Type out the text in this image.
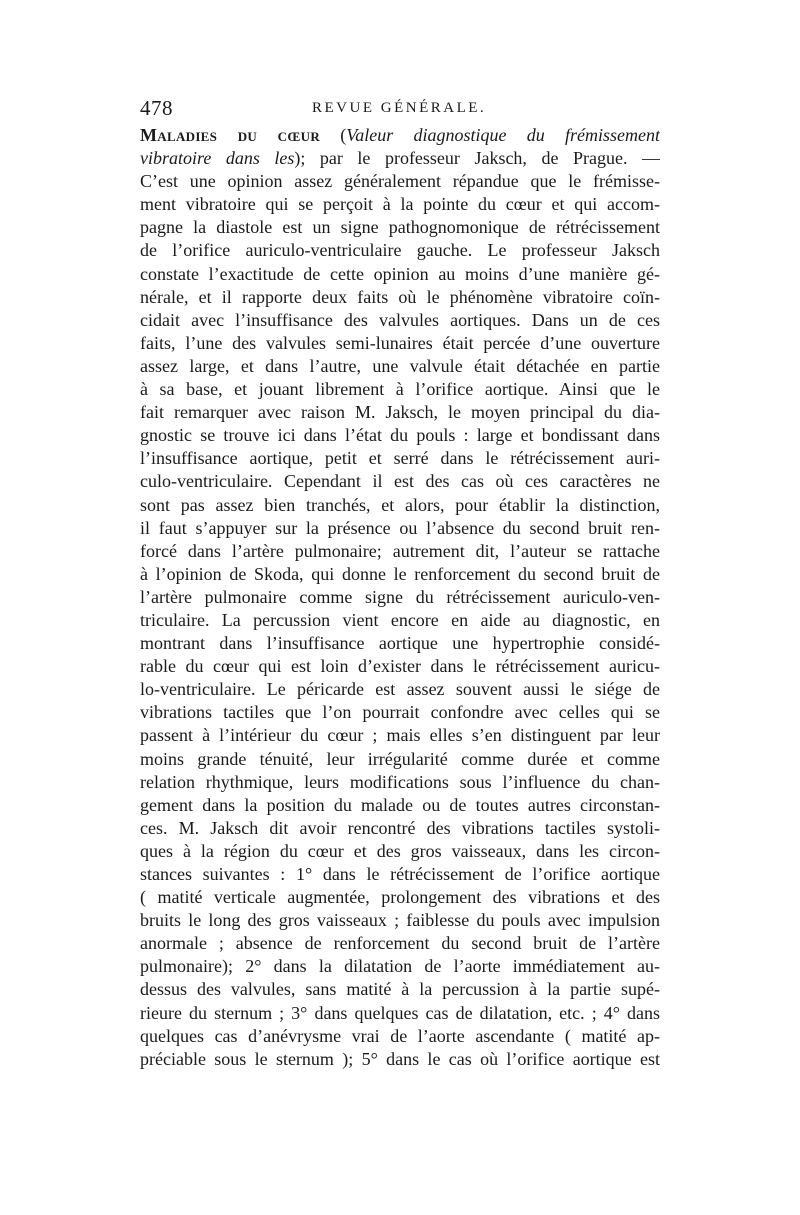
478	REVUE GÉNÉRALE.
Maladies du cœur (Valeur diagnostique du frémissement
vibratoire dans les); par le professeur Jaksch, de Prague. —
C’est une opinion assez généralement répandue que le frémisse-
ment vibratoire qui se perçoit à la pointe du cœur et qui accom-
pagne la diastole est un signe pathognomonique de rétrécissement
de l’orifice auriculo-ventriculaire gauche. Le professeur Jaksch
constate l’exactitude de cette opinion au moins d’une manière gé-
nérale, et il rapporte deux faits où le phénomène vibratoire coïn-
cidait avec l’insuffisance des valvules aortiques. Dans un de ces
faits, l’une des valvules semi-lunaires était percée d’une ouverture
assez large, et dans l’autre, une valvule était détachée en partie
à sa base, et jouant librement à l’orifice aortique. Ainsi que le
fait remarquer avec raison M. Jaksch, le moyen principal du dia-
gnostic se trouve ici dans l’état du pouls : large et bondissant dans
l’insuffisance aortique, petit et serré dans le rétrécissement auri-
culo-ventriculaire. Cependant il est des cas où ces caractères ne
sont pas assez bien tranchés, et alors, pour établir la distinction,
il faut s’appuyer sur la présence ou l’absence du second bruit ren-
forcé dans l’artère pulmonaire; autrement dit, l’auteur se rattache
à l’opinion de Skoda, qui donne le renforcement du second bruit de
l’artère pulmonaire comme signe du rétrécissement auriculo-ven-
triculaire. La percussion vient encore en aide au diagnostic, en
montrant dans l’insuffisance aortique une hypertrophie considé-
rable du cœur qui est loin d’exister dans le rétrécissement auricu-
lo-ventriculaire. Le péricarde est assez souvent aussi le siége de
vibrations tactiles que l’on pourrait confondre avec celles qui se
passent à l’intérieur du cœur ; mais elles s’en distinguent par leur
moins grande ténuité, leur irrégularité comme durée et comme
relation rhythmique, leurs modifications sous l’influence du chan-
gement dans la position du malade ou de toutes autres circonstan-
ces. M. Jaksch dit avoir rencontré des vibrations tactiles systoli-
ques à la région du cœur et des gros vaisseaux, dans les circon-
stances suivantes : 1° dans le rétrécissement de l’orifice aortique
( matité verticale augmentée, prolongement des vibrations et des
bruits le long des gros vaisseaux ; faiblesse du pouls avec impulsion
anormale ; absence de renforcement du second bruit de l’artère
pulmonaire); 2° dans la dilatation de l’aorte immédiatement au-
dessus des valvules, sans matité à la percussion à la partie supé-
rieure du sternum ; 3° dans quelques cas de dilatation, etc. ; 4° dans
quelques cas d’anévrysme vrai de l’aorte ascendante ( matité ap-
préciable sous le sternum ); 5° dans le cas où l’orifice aortique est
